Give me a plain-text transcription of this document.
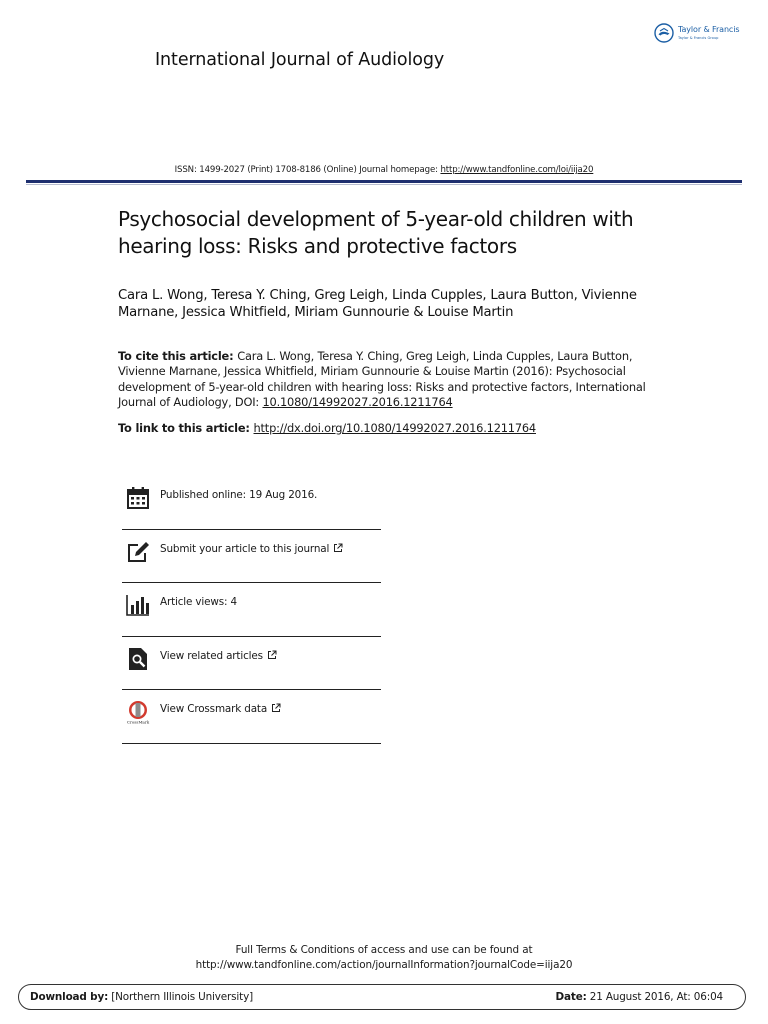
Taylor & Francis
Taylor & Francis Group
International Journal of Audiology
ISSN: 1499-2027 (Print) 1708-8186 (Online) Journal homepage: http://www.tandfonline.com/loi/iija20
Psychosocial development of 5-year-old children with hearing loss: Risks and protective factors
Cara L. Wong, Teresa Y. Ching, Greg Leigh, Linda Cupples, Laura Button, Vivienne Marnane, Jessica Whitfield, Miriam Gunnourie & Louise Martin
To cite this article: Cara L. Wong, Teresa Y. Ching, Greg Leigh, Linda Cupples, Laura Button, Vivienne Marnane, Jessica Whitfield, Miriam Gunnourie & Louise Martin (2016): Psychosocial development of 5-year-old children with hearing loss: Risks and protective factors, International Journal of Audiology, DOI: 10.1080/14992027.2016.1211764
To link to this article: http://dx.doi.org/10.1080/14992027.2016.1211764
Published online: 19 Aug 2016.
Submit your article to this journal
Article views: 4
View related articles
CrossMark
View Crossmark data
Full Terms & Conditions of access and use can be found at
http://www.tandfonline.com/action/journalInformation?journalCode=iija20
Download by: [Northern Illinois University]	Date: 21 August 2016, At: 06:04
